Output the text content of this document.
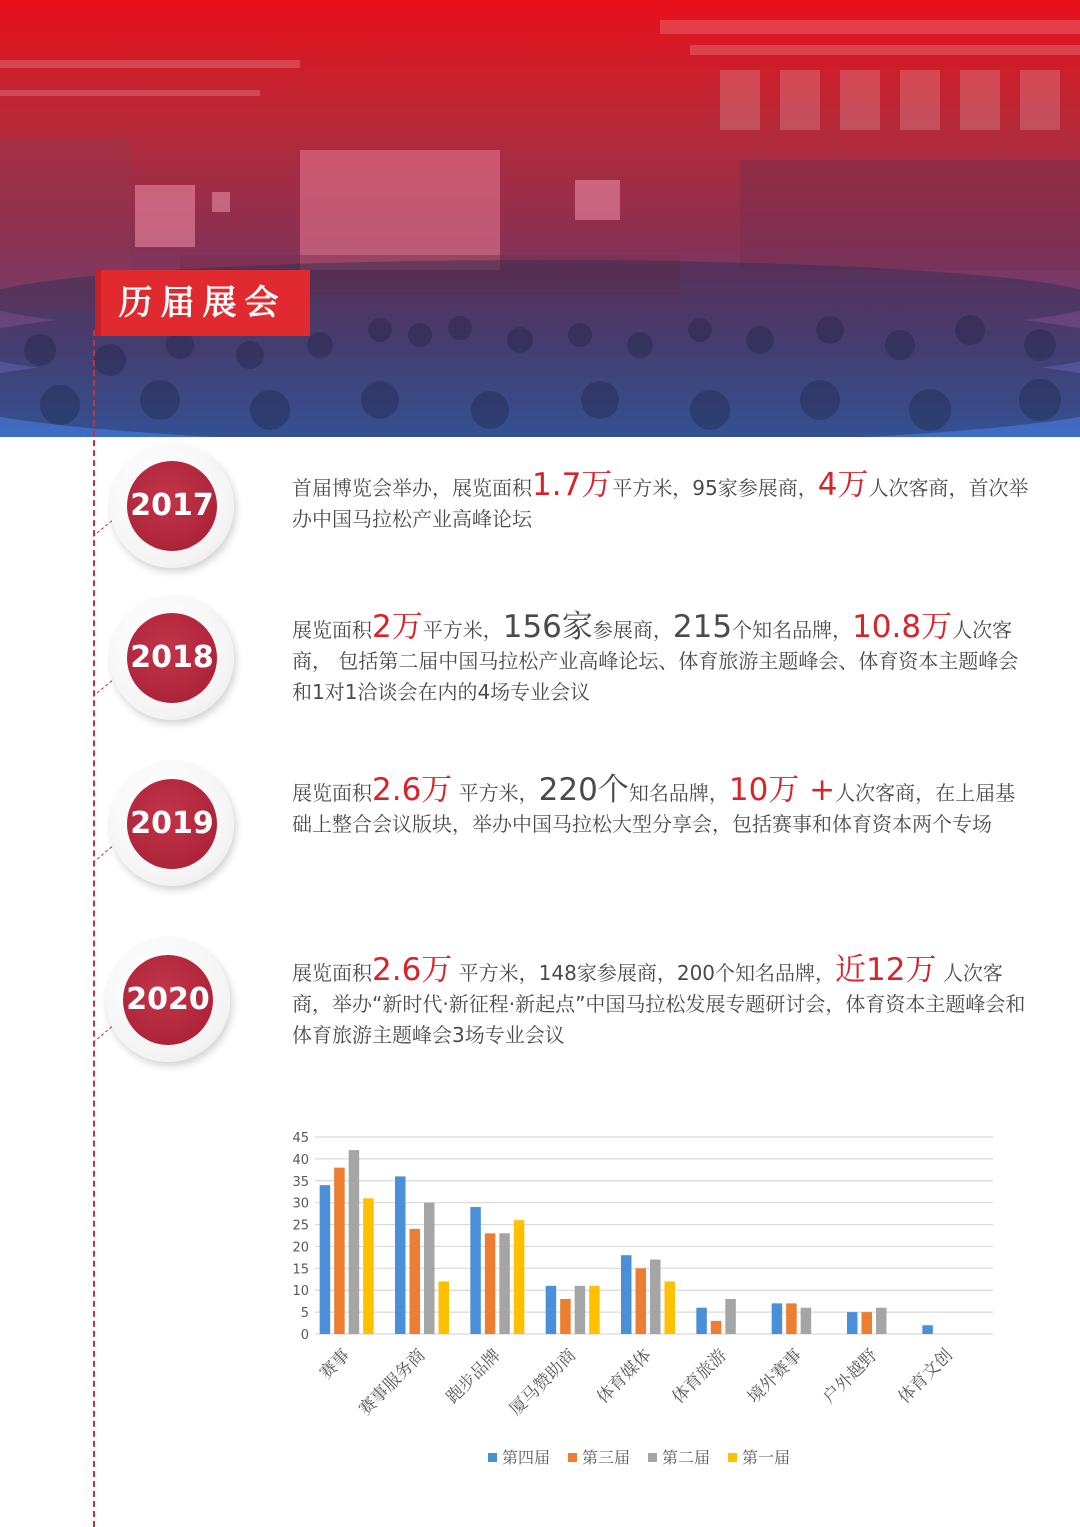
历届展会
2017	首届博览会举办，展览面积1.7万平方米，95家参展商，4万人次客商，首次举办中国马拉松产业高峰论坛
2018
展览面积2万平方米，156家参展商，215个知名品牌，10.8万人次客商， 包括第二届中国马拉松产业高峰论坛、体育旅游主题峰会、体育资本主题峰会和1对1洽谈会在内的4场专业会议
2019
展览面积2.6万 平方米，220个知名品牌，10万 +人次客商，在上届基础上整合会议版块，举办中国马拉松大型分享会，包括赛事和体育资本两个专场
2020
展览面积2.6万 平方米，148家参展商，200个知名品牌，近12万 人次客商，举办“新时代·新征程·新起点”中国马拉松发展专题研讨会，体育资本主题峰会和体育旅游主题峰会3场专业会议
0
5
10
15
20
25
30
35
40
45
赛事 赛事服务商 跑步品牌 厦马赞助商 体育媒体 体育旅游 境外赛事 户外越野 体育文创
第四届 第三届 第二届 第一届
